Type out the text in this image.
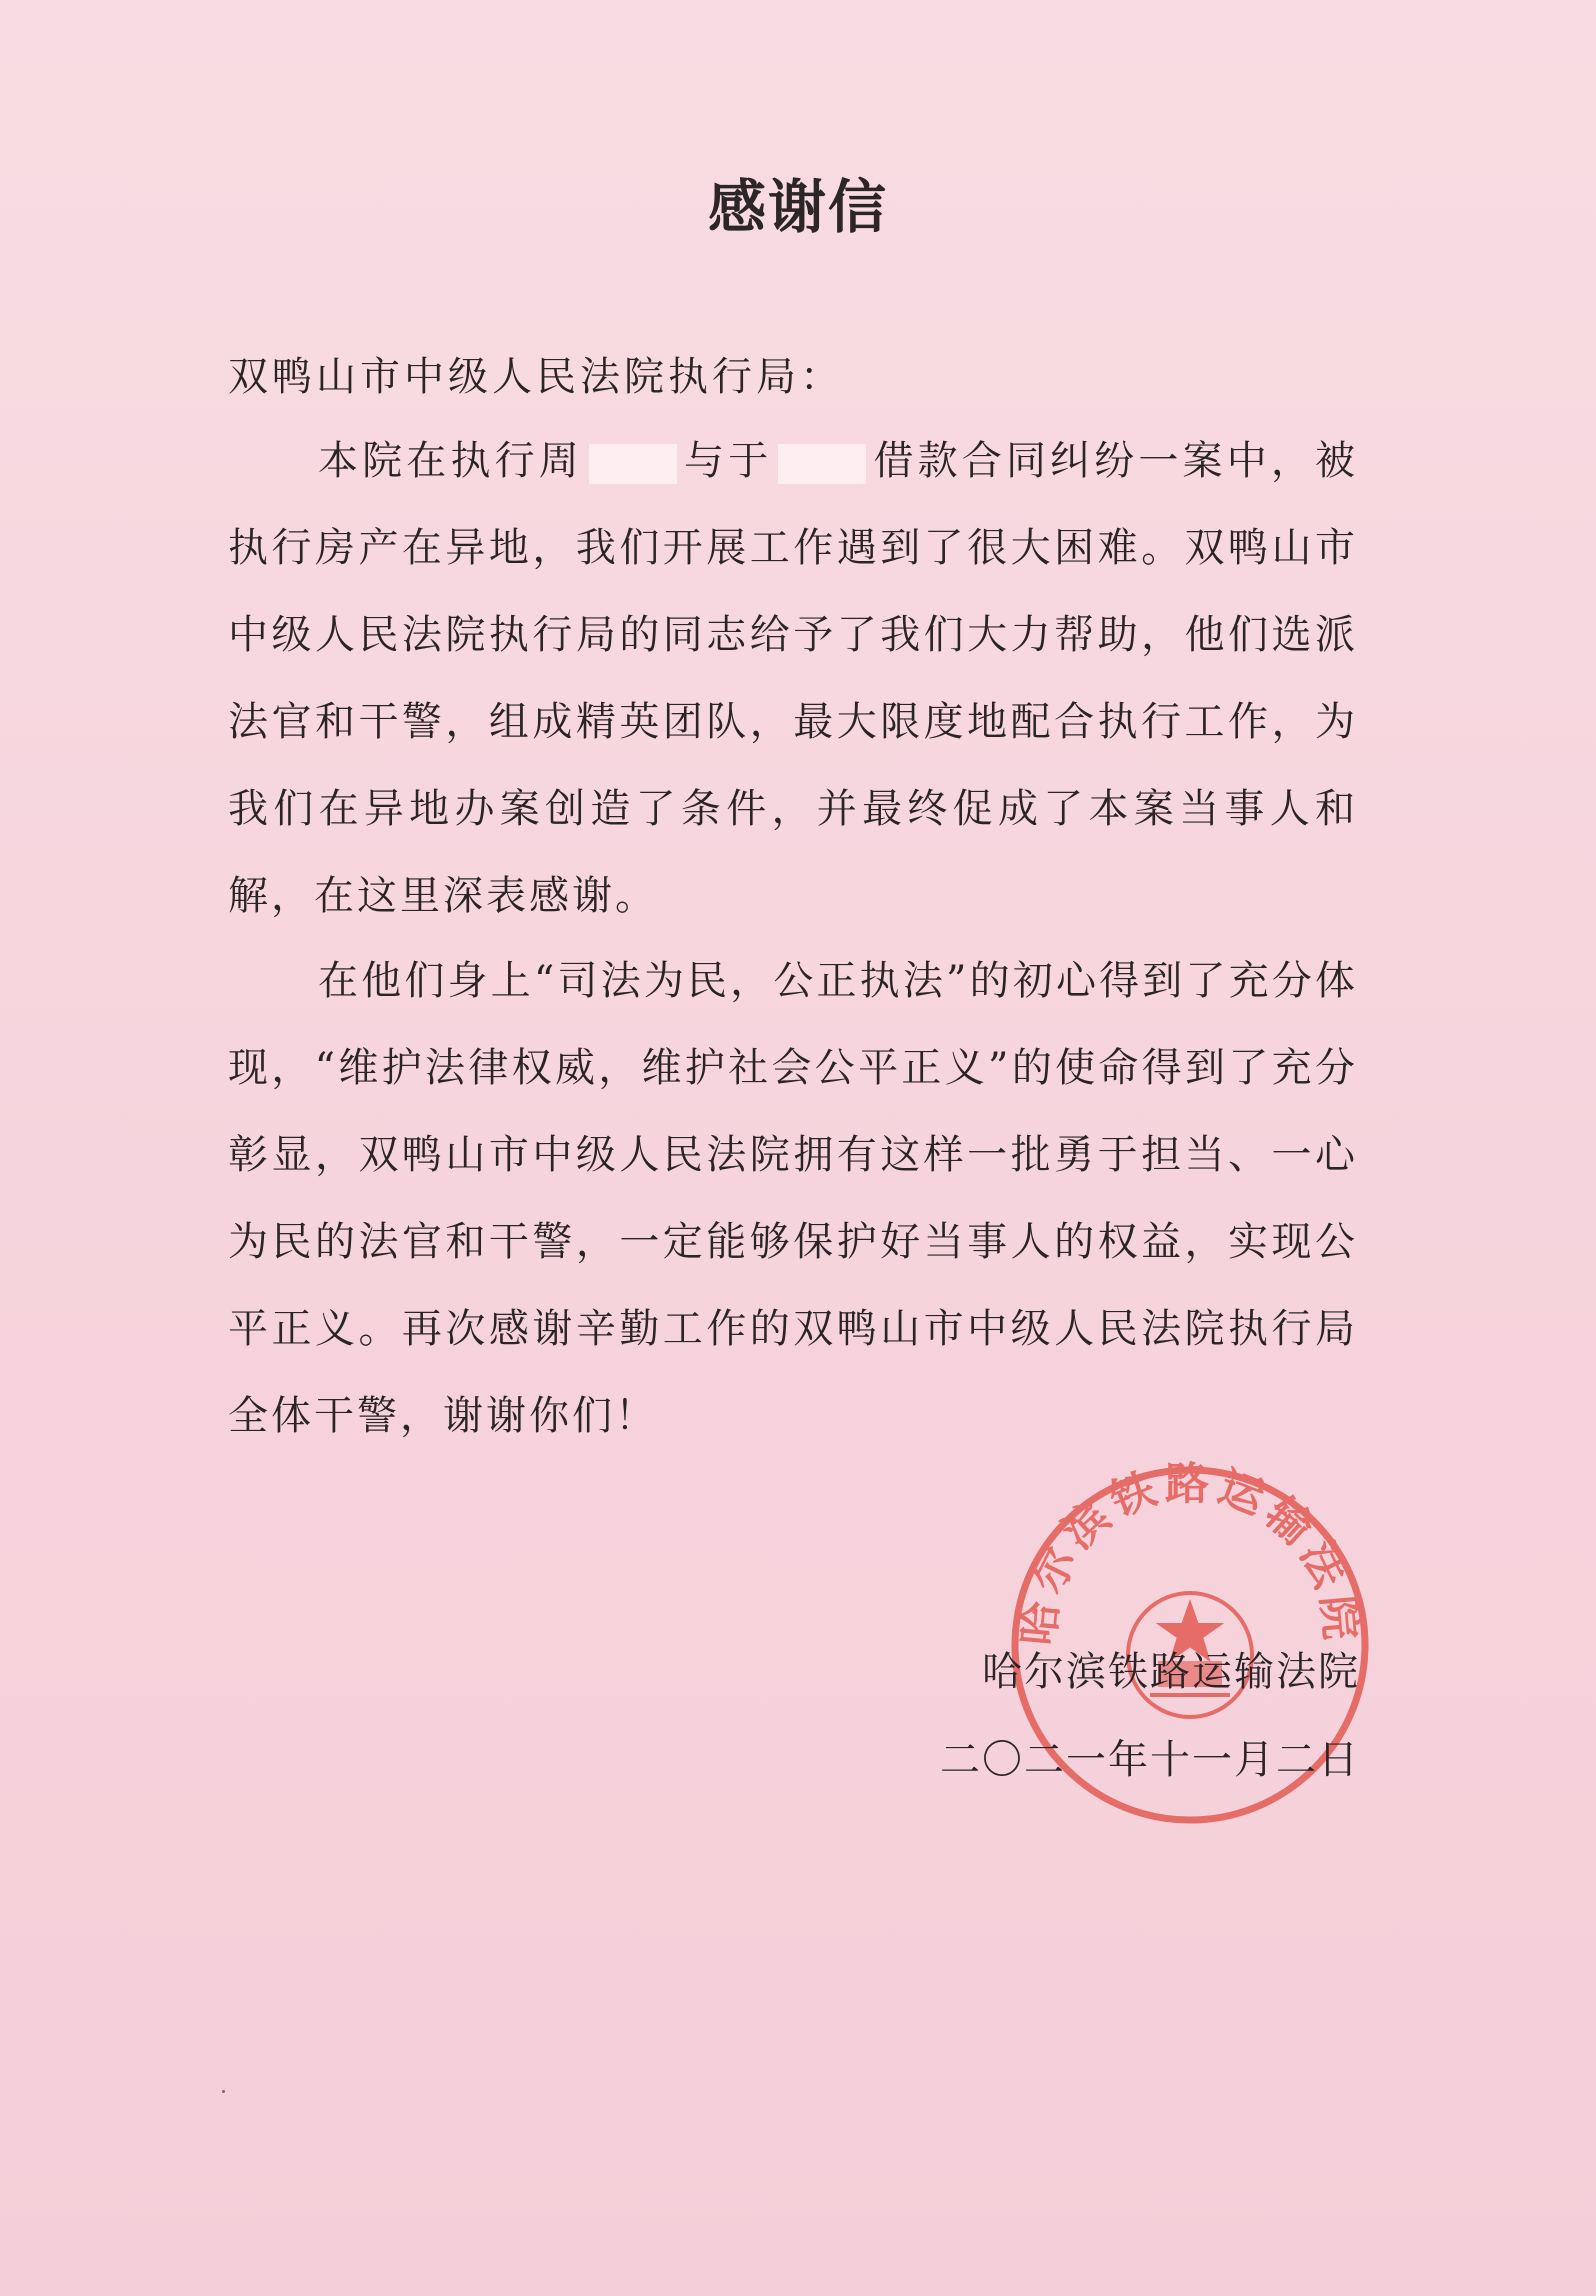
感谢信
双鸭山市中级人民法院执行局：
本院在执行周	与于	借款合同纠纷一案中，被执行房产在异地，我们开展工作遇到了很大困难。双鸭山市中级人民法院执行局的同志给予了我们大力帮助，他们选派法官和干警，组成精英团队，最大限度地配合执行工作，为我们在异地办案创造了条件，并最终促成了本案当事人和解，在这里深表感谢。
在他们身上“司法为民，公正执法”的初心得到了充分体现，“维护法律权威，维护社会公平正义”的使命得到了充分彰显，双鸭山市中级人民法院拥有这样一批勇于担当、一心为民的法官和干警，一定能够保护好当事人的权益，实现公平正义。再次感谢辛勤工作的双鸭山市中级人民法院执行局全体干警，谢谢你们！
哈尔滨铁路运输法院
哈尔滨铁路运输法院
二〇二一年十一月二日
